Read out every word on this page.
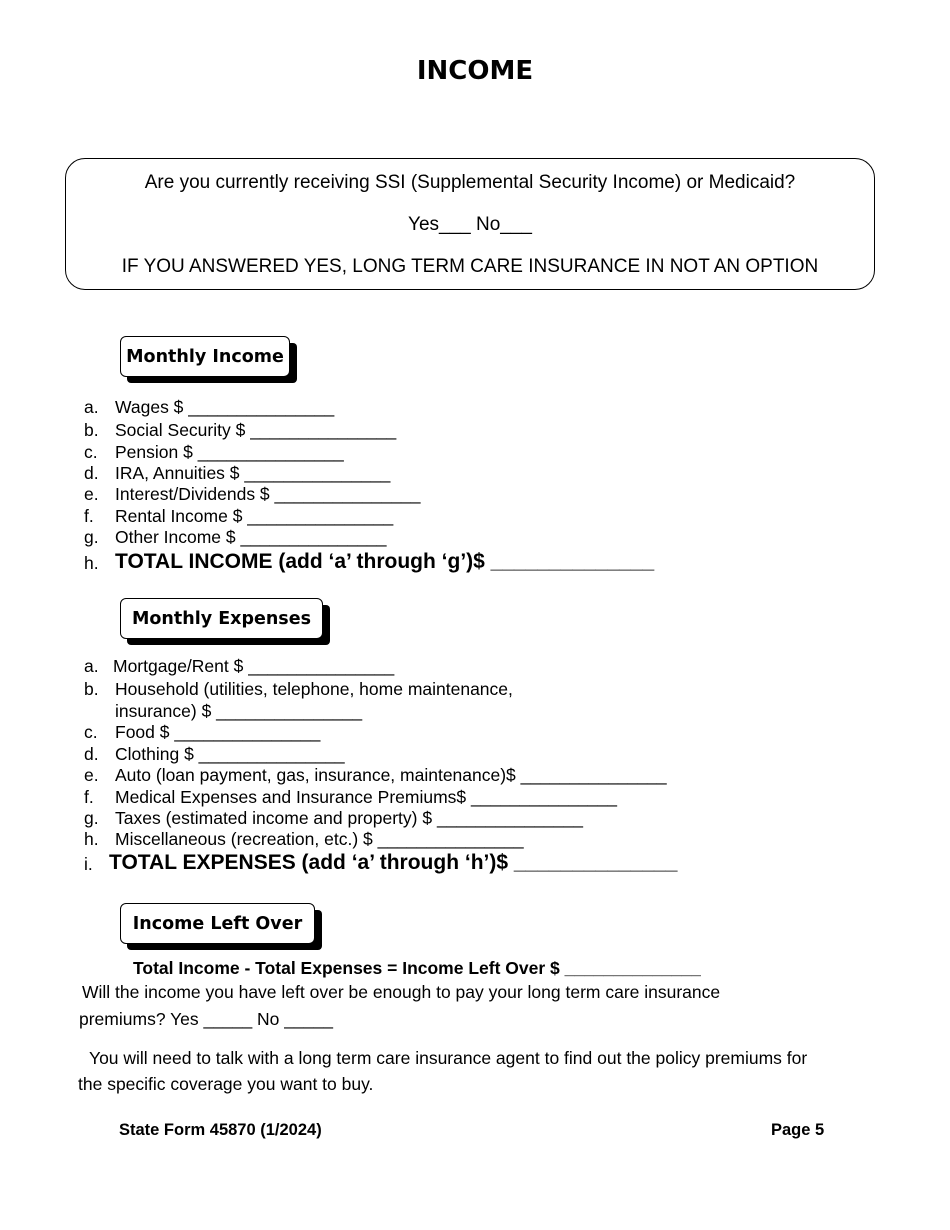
INCOME
Are you currently receiving SSI (Supplemental Security Income) or Medicaid?
Yes___ No___
IF YOU ANSWERED YES, LONG TERM CARE INSURANCE IN NOT AN OPTION
Monthly Income
a. Wages $ _______________
b. Social Security $ _______________
c. Pension $ _______________
d. IRA, Annuities $ _______________
e. Interest/Dividends $ _______________
f. Rental Income $ _______________
g. Other Income $ _______________
h. TOTAL INCOME (add ‘a’ through ‘g’)$ ______________
Monthly Expenses
a. Mortgage/Rent $ _______________
b. Household (utilities, telephone, home maintenance,
insurance) $ _______________
c. Food $ _______________
d. Clothing $ _______________
e. Auto (loan payment, gas, insurance, maintenance)$ _______________
f. Medical Expenses and Insurance Premiums$ _______________
g. Taxes (estimated income and property) $ _______________
h. Miscellaneous (recreation, etc.) $ _______________
i. TOTAL EXPENSES (add ‘a’ through ‘h’)$ ______________
Income Left Over
Total Income - Total Expenses = Income Left Over $ ______________
Will the income you have left over be enough to pay your long term care insurance
premiums? Yes _____ No _____
You will need to talk with a long term care insurance agent to find out the policy premiums for
the specific coverage you want to buy.
State Form 45870 (1/2024)	Page 5
